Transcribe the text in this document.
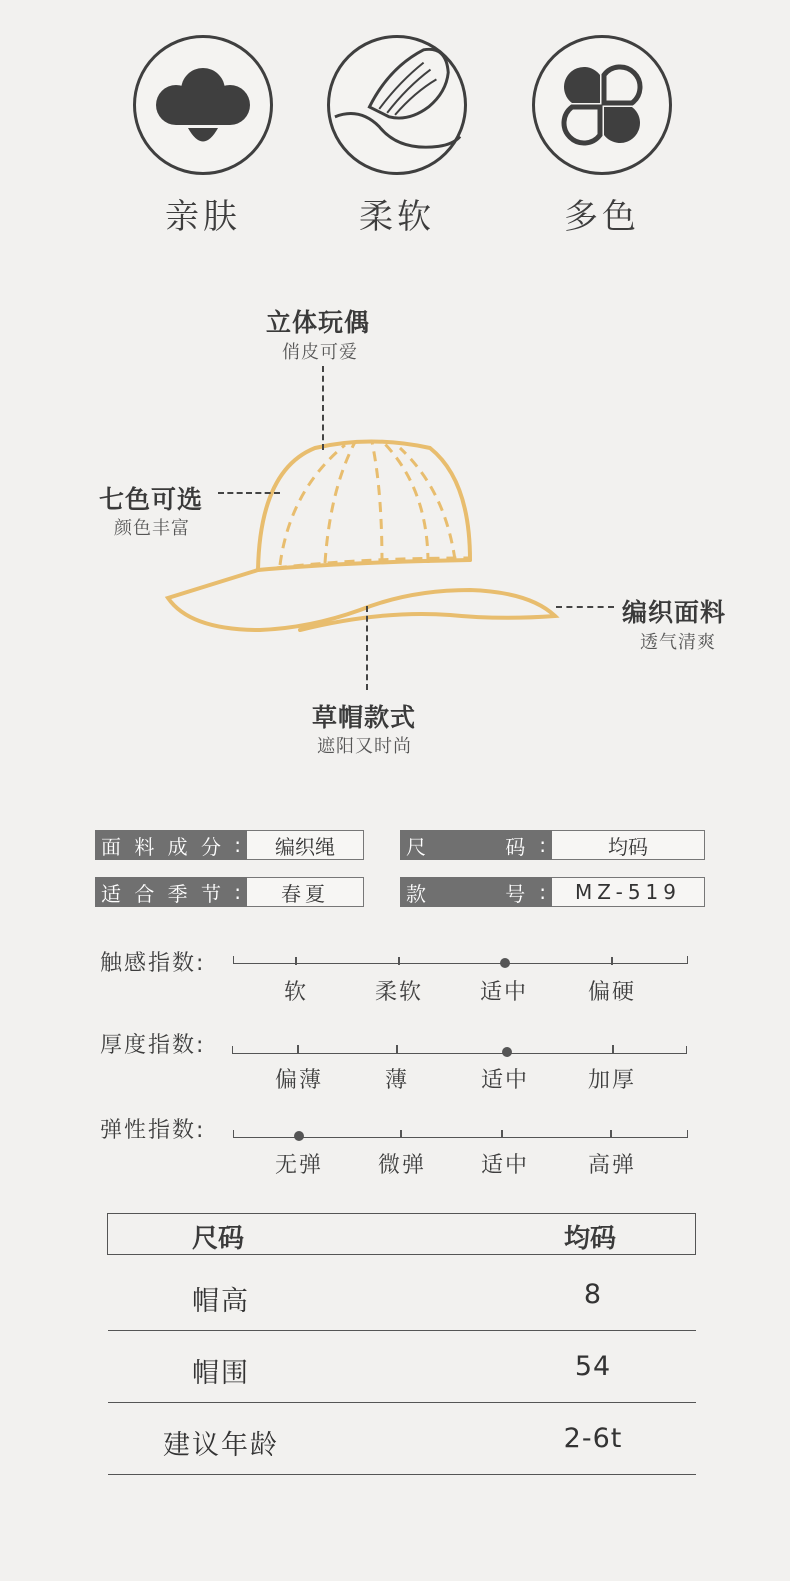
亲肤	柔软	多色
立体玩偶
俏皮可爱
七色可选
颜色丰富
编织面料
透气清爽
草帽款式
遮阳又时尚
面 料 成 分 :	编织绳	尺	码 :	均码
适 合 季 节 :	春夏	款	号 :	MZ-519
触感指数:
软	柔软	适中	偏硬
厚度指数:
偏薄	薄	适中	加厚
弹性指数:
无弹	微弹	适中	高弹
尺码	均码
帽高	8
帽围	54
建议年龄	2-6t
